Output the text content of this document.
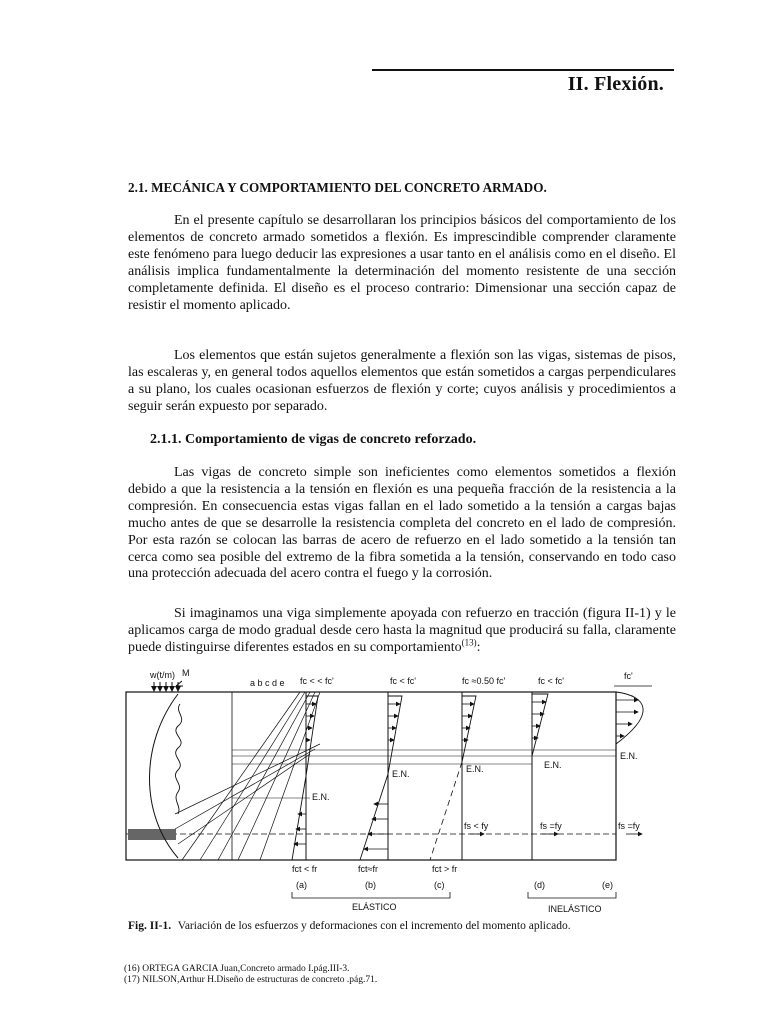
II. Flexión.
2.1. MECÁNICA Y COMPORTAMIENTO DEL CONCRETO ARMADO.

En el presente capítulo se desarrollaran los principios básicos del comportamiento de los elementos de concreto armado sometidos a flexión. Es imprescindible comprender claramente este fenómeno para luego deducir las expresiones a usar tanto en el análisis como en el diseño. El análisis implica fundamentalmente la determinación del momento resistente de una sección completamente definida. El diseño es el proceso contrario: Dimensionar una sección capaz de resistir el momento aplicado.

Los elementos que están sujetos generalmente a flexión son las vigas, sistemas de pisos, las escaleras y, en general todos aquellos elementos que están sometidos a cargas perpendiculares a su plano, los cuales ocasionan esfuerzos de flexión y corte; cuyos análisis y procedimientos a seguir serán expuesto por separado.

2.1.1. Comportamiento de vigas de concreto reforzado.

Las vigas de concreto simple son ineficientes como elementos sometidos a flexión debido a que la resistencia a la tensión en flexión es una pequeña fracción de la resistencia a la compresión. En consecuencia estas vigas fallan en el lado sometido a la tensión a cargas bajas mucho antes de que se desarrolle la resistencia completa del concreto en el lado de compresión. Por esta razón se colocan las barras de acero de refuerzo en el lado sometido a la tensión tan cerca como sea posible del extremo de la fibra sometida a la tensión, conservando en todo caso una protección adecuada del acero contra el fuego y la corrosión.

Si imaginamos una viga simplemente apoyada con refuerzo en tracción (figura II-1) y le aplicamos carga de modo gradual desde cero hasta la magnitud que producirá su falla, claramente puede distinguirse diferentes estados en su comportamiento$^{(13)}$:

w(t/m) M
a b c d e fc < < fc'	fc < fc'	fc ≈0.50 fc'	fc < fc'	fc'
E.N.
E.N.	E.N.	E.N.
E.N.
fs < fy	fs =fy	fs =fy
fct < fr	fct≈fr	fct > fr
(a)	(b)	(c)	(d)	(e)
ELÁSTICO	INELÁSTICO
Fig. II-1. Variación de los esfuerzos y deformaciones con el incremento del momento aplicado.
(16) ORTEGA GARCIA Juan,Concreto armado I.pág.III-3.
(17) NILSON,Arthur H.Diseño de estructuras de concreto .pág.71.
